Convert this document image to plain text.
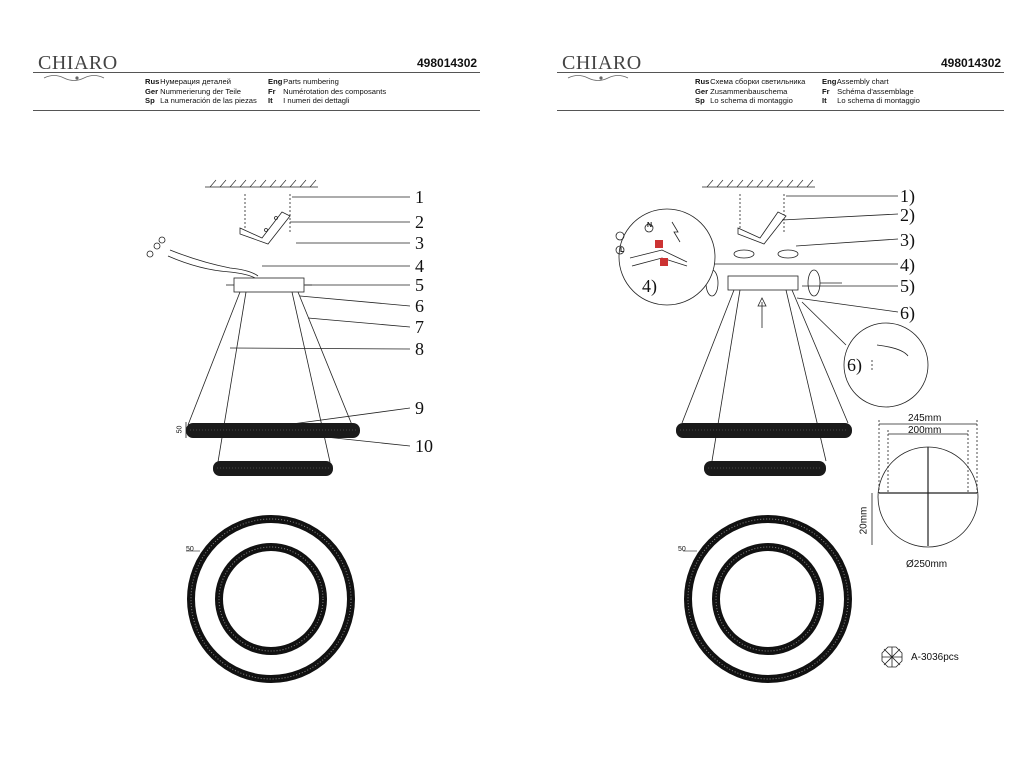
CHIARO	498014302
Rus Нумерация деталей
Ger Nummerierung der Teile
Sp La numeración de las piezas
Eng Parts numbering
Fr Numérotation des composants
It I numeri dei dettagli
1
2
3
4
5
6
7
8
9
10
50
50
CHIARO	498014302
Rus Схема сборки светильника
Ger Zusammenbauschema
Sp Lo schema di montaggio
Eng Assembly chart
Fr Schéma d'assemblage
It Lo schema di montaggio
1)
2)
3)
4)
5)
6)
4)
6)
N
L
245mm
200mm
20mm
Ø250mm
50
A-3036pcs
